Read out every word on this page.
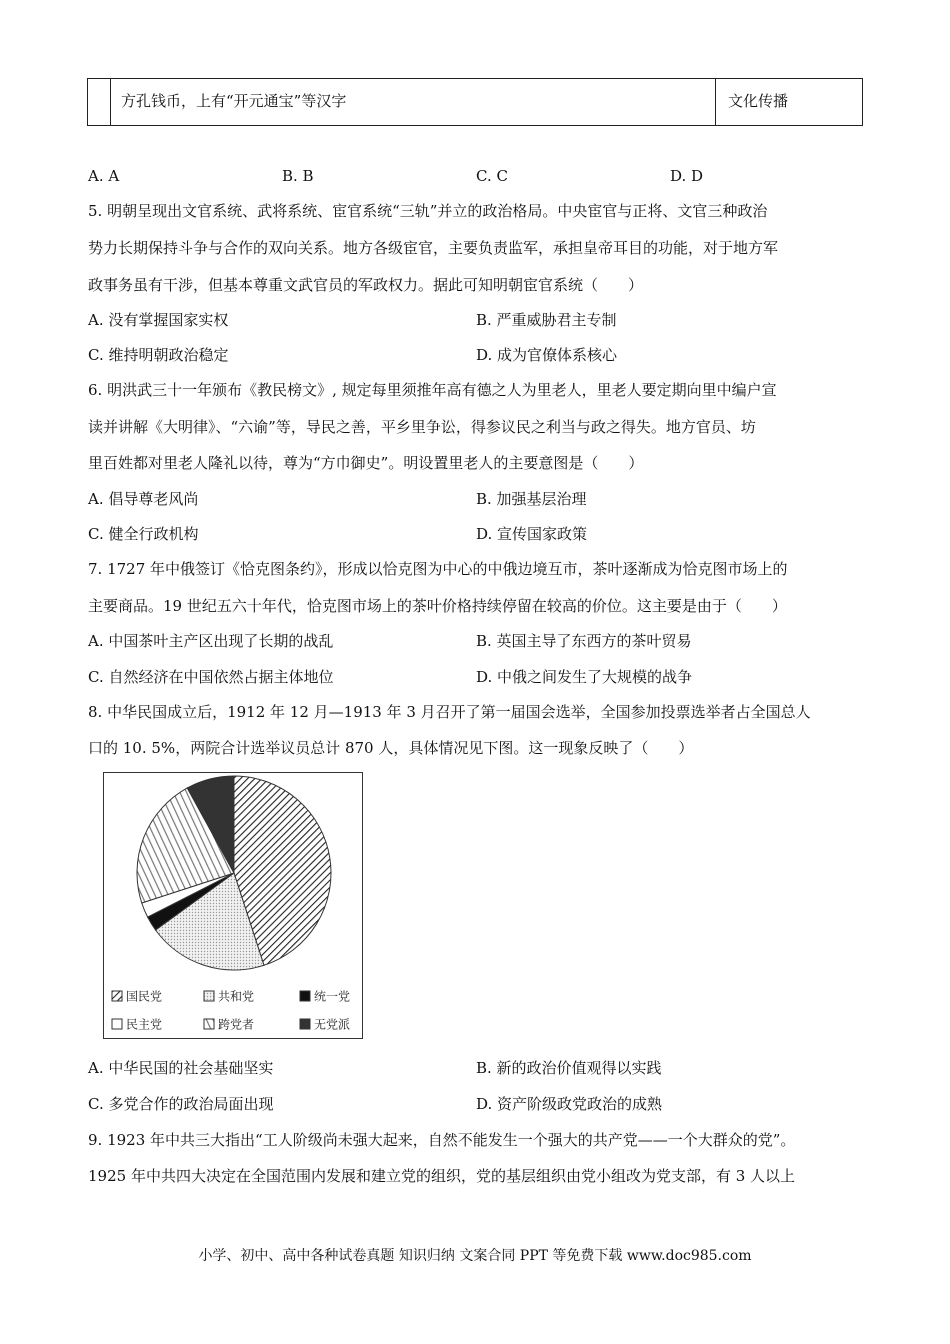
方孔钱币，上有“开元通宝”等汉字	文化传播
A. A	B. B	C. C	D. D
5. 明朝呈现出文官系统、武将系统、宦官系统“三轨”并立的政治格局。中央宦官与正将、文官三种政治
势力长期保持斗争与合作的双向关系。地方各级宦官，主要负责监军，承担皇帝耳目的功能，对于地方军
政事务虽有干涉，但基本尊重文武官员的军政权力。据此可知明朝宦官系统（　　）
A. 没有掌握国家实权	B. 严重威胁君主专制
C. 维持明朝政治稳定	D. 成为官僚体系核心
6. 明洪武三十一年颁布《教民榜文》, 规定每里须推年高有德之人为里老人，里老人要定期向里中编户宣
读并讲解《大明律》、“六谕”等，导民之善，平乡里争讼，得参议民之利当与政之得失。地方官员、坊
里百姓都对里老人隆礼以待，尊为“方巾御史”。明设置里老人的主要意图是（　　）
A. 倡导尊老风尚	B. 加强基层治理
C. 健全行政机构	D. 宣传国家政策
7. 1727 年中俄签订《恰克图条约》，形成以恰克图为中心的中俄边境互市，茶叶逐渐成为恰克图市场上的
主要商品。19 世纪五六十年代，恰克图市场上的茶叶价格持续停留在较高的价位。这主要是由于（　　）
A. 中国茶叶主产区出现了长期的战乱	B. 英国主导了东西方的茶叶贸易
C. 自然经济在中国依然占据主体地位	D. 中俄之间发生了大规模的战争
8. 中华民国成立后，1912 年 12 月—1913 年 3 月召开了第一届国会选举，全国参加投票选举者占全国总人
口的 10. 5%，两院合计选举议员总计 870 人，具体情况见下图。这一现象反映了（　　）
国民党	共和党	统一党
民主党	跨党者	无党派
A. 中华民国的社会基础坚实	B. 新的政治价值观得以实践
C. 多党合作的政治局面出现	D. 资产阶级政党政治的成熟
9. 1923 年中共三大指出“工人阶级尚未强大起来，自然不能发生一个强大的共产党——一个大群众的党”。
1925 年中共四大决定在全国范围内发展和建立党的组织，党的基层组织由党小组改为党支部，有 3 人以上
小学、初中、高中各种试卷真题 知识归纳 文案合同 PPT 等免费下载 www.doc985.com
